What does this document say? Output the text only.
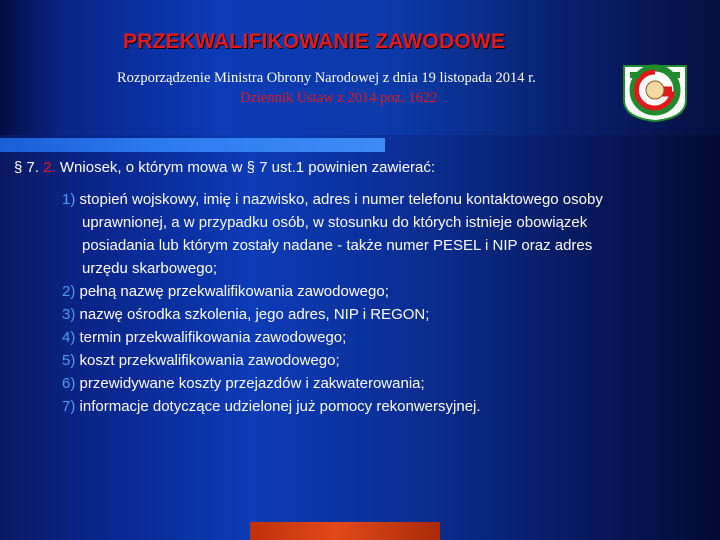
PRZEKWALIFIKOWANIE ZAWODOWE
Rozporządzenie Ministra Obrony Narodowej z dnia 19 listopada 2014 r.
Dziennik Ustaw z 2014 poz. 1622
§ 7. 2. Wniosek, o którym mowa w § 7 ust.1 powinien zawierać:
1) stopień wojskowy, imię i nazwisko, adres i numer telefonu kontaktowego osoby
uprawnionej, a w przypadku osób, w stosunku do których istnieje obowiązek
posiadania lub którym zostały nadane - także numer PESEL i NIP oraz adres
urzędu skarbowego;
2) pełną nazwę przekwalifikowania zawodowego;
3) nazwę ośrodka szkolenia, jego adres, NIP i REGON;
4) termin przekwalifikowania zawodowego;
5) koszt przekwalifikowania zawodowego;
6) przewidywane koszty przejazdów i zakwaterowania;
7) informacje dotyczące udzielonej już pomocy rekonwersyjnej.
